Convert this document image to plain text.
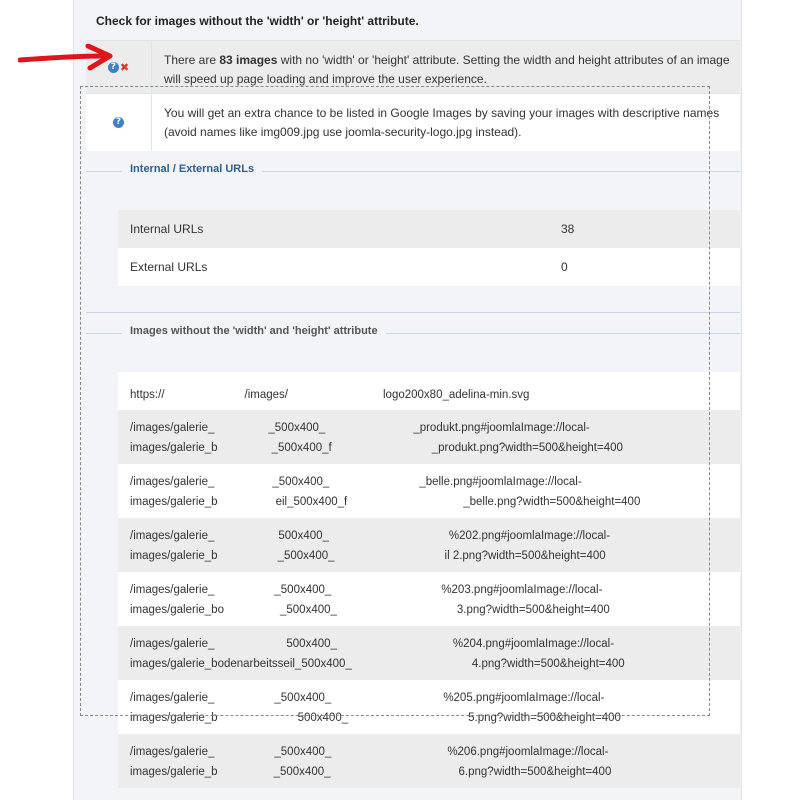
Check for images without the 'width' or 'height' attribute.
? ✖	There are 83 images with no 'width' or 'height' attribute. Setting the width and height attributes of an image will speed up page loading and improve the user experience.
?
You will get an extra chance to be listed in Google Images by saving your images with descriptive names (avoid names like img009.jpg use joomla-security-logo.jpg instead).
Internal / External URLs
Internal URLs	38
External URLs	0
Images without the 'width' and 'height' attribute
https://	/images/	logo200x80_adelina-min.svg
/images/galerie_	_500x400_	_produkt.png#joomlaImage://local-
images/galerie_b	_500x400_f	_produkt.png?width=500&height=400
/images/galerie_	_500x400_	_belle.png#joomlaImage://local-
images/galerie_b	eil_500x400_f	_belle.png?width=500&height=400
/images/galerie_	500x400_	%202.png#joomlaImage://local-
images/galerie_b	_500x400_	il 2.png?width=500&height=400
/images/galerie_	_500x400_	%203.png#joomlaImage://local-
images/galerie_bo	_500x400_	3.png?width=500&height=400
/images/galerie_	500x400_	%204.png#joomlaImage://local-
images/galerie_bodenarbeitsseil_500x400_	4.png?width=500&height=400
/images/galerie_	_500x400_	%205.png#joomlaImage://local-
images/galerie_b	500x400_	5.png?width=500&height=400
/images/galerie_	_500x400_	%206.png#joomlaImage://local-
images/galerie_b	_500x400_	6.png?width=500&height=400
